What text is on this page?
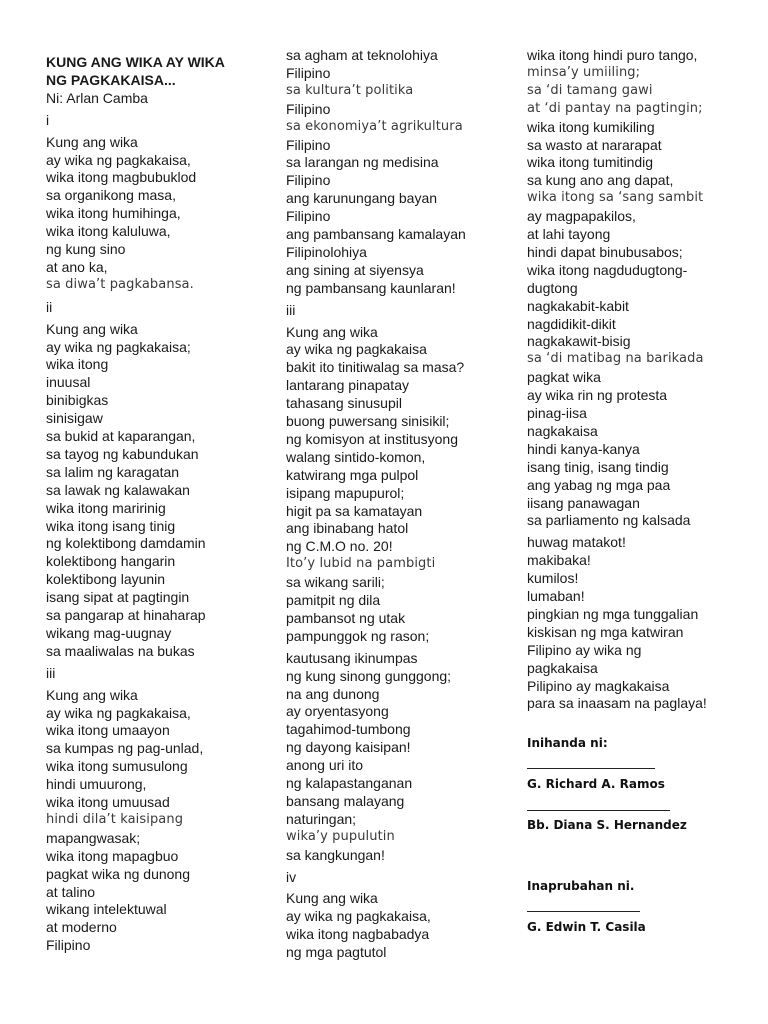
KUNG ANG WIKA AY WIKA
NG PAGKAKAISA...
Ni: Arlan Camba
i
Kung ang wika
ay wika ng pagkakaisa,
wika itong magbubuklod
sa organikong masa,
wika itong humihinga,
wika itong kaluluwa,
ng kung sino
at ano ka,
sa diwa’t pagkabansa.
ii
Kung ang wika
ay wika ng pagkakaisa;
wika itong
inuusal
binibigkas
sinisigaw
sa bukid at kaparangan,
sa tayog ng kabundukan
sa lalim ng karagatan
sa lawak ng kalawakan
wika itong maririnig
wika itong isang tinig
ng kolektibong damdamin
kolektibong hangarin
kolektibong layunin
isang sipat at pagtingin
sa pangarap at hinaharap
wikang mag-uugnay
sa maaliwalas na bukas
iii
Kung ang wika
ay wika ng pagkakaisa,
wika itong umaayon
sa kumpas ng pag-unlad,
wika itong sumusulong
hindi umuurong,
wika itong umuusad
hindi dila’t kaisipang
mapangwasak;
wika itong mapagbuo
pagkat wika ng dunong
at talino
wikang intelektuwal
at moderno
Filipino
sa agham at teknolohiya
Filipino
sa kultura’t politika
Filipino
sa ekonomiya’t agrikultura
Filipino
sa larangan ng medisina
Filipino
ang karunungang bayan
Filipino
ang pambansang kamalayan
Filipinolohiya
ang sining at siyensya
ng pambansang kaunlaran!
iii
Kung ang wika
ay wika ng pagkakaisa
bakit ito tinitiwalag sa masa?
lantarang pinapatay
tahasang sinusupil
buong puwersang sinisikil;
ng komisyon at institusyong
walang sintido-komon,
katwirang mga pulpol
isipang mapupurol;
higit pa sa kamatayan
ang ibinabang hatol
ng C.M.O no. 20!
Ito’y lubid na pambigti
sa wikang sarili;
pamitpit ng dila
pambansot ng utak
pampunggok ng rason;
kautusang ikinumpas
ng kung sinong gunggong;
na ang dunong
ay oryentasyong
tagahimod-tumbong
ng dayong kaisipan!
anong uri ito
ng kalapastanganan
bansang malayang
naturingan;
wika’y pupulutin
sa kangkungan!
iv
Kung ang wika
ay wika ng pagkakaisa,
wika itong nagbabadya
ng mga pagtutol
Inihanda ni:
G. Richard A. Ramos
Bb. Diana S. Hernandez
Inaprubahan ni.
G. Edwin T. Casila
wika itong hindi puro tango,
minsa’y umiiling;
sa ‘di tamang gawi
at ‘di pantay na pagtingin;
wika itong kumikiling
sa wasto at nararapat
wika itong tumitindig
sa kung ano ang dapat,
wika itong sa ‘sang sambit
ay magpapakilos,
at lahi tayong
hindi dapat binubusabos;
wika itong nagdudugtong-
dugtong
nagkakabit-kabit
nagdidikit-dikit
nagkakawit-bisig
sa ‘di matibag na barikada
pagkat wika
ay wika rin ng protesta
pinag-iisa
nagkakaisa
hindi kanya-kanya
isang tinig, isang tindig
ang yabag ng mga paa
iisang panawagan
sa parliamento ng kalsada
huwag matakot!
makibaka!
kumilos!
lumaban!
pingkian ng mga tunggalian
kiskisan ng mga katwiran
Filipino ay wika ng
pagkakaisa
Pilipino ay magkakaisa
para sa inaasam na paglaya!
